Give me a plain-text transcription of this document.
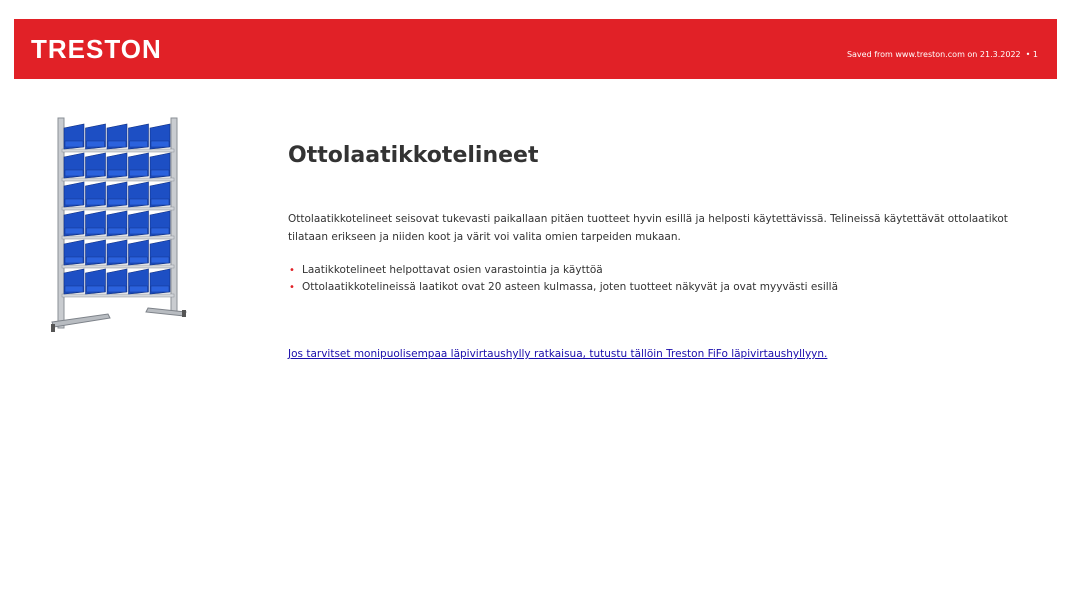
TRESTON	Saved from www.treston.com on 21.3.2022 • 1
Ottolaatikkotelineet

Ottolaatikkotelineet seisovat tukevasti paikallaan pitäen tuotteet hyvin esillä ja helposti käytettävissä. Telineissä käytettävät ottolaatikot tilataan erikseen ja niiden koot ja värit voi valita omien tarpeiden mukaan.

• Laatikkotelineet helpottavat osien varastointia ja käyttöä
• Ottolaatikkotelineissä laatikot ovat 20 asteen kulmassa, joten tuotteet näkyvät ja ovat myyvästi esillä
Jos tarvitset monipuolisempaa läpivirtaushylly ratkaisua, tutustu tällöin Treston FiFo läpivirtaushyllyyn.
